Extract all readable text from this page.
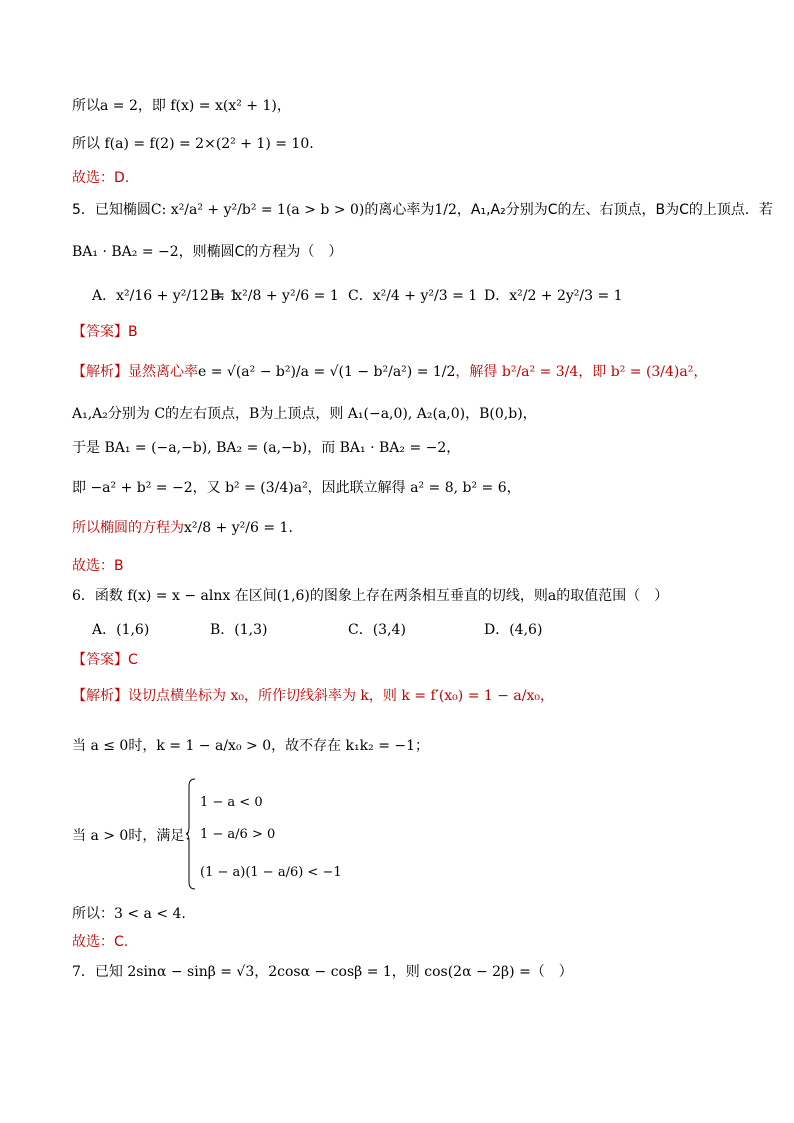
所以a = 2，即 f(x) = x(x² + 1)，
所以 f(a) = f(2) = 2×(2² + 1) = 10.
故选：D.
5．已知椭圆C: x²/a² + y²/b² = 1(a > b > 0)的离心率为1/2，A₁,A₂分别为C的左、右顶点，B为C的上顶点．若
BA₁ · BA₂ = −2，则椭圆C的方程为（　）
A．x²/16 + y²/12 = 1
B．x²/8 + y²/6 = 1 C．x²/4 + y²/3 = 1 D．x²/2 + 2y²/3 = 1
【答案】B
【解析】显然离心率e = √(a² − b²)/a = √(1 − b²/a²) = 1/2，解得 b²/a² = 3/4，即 b² = (3/4)a²，
A₁,A₂分别为 C的左右顶点，B为上顶点，则 A₁(−a,0), A₂(a,0)，B(0,b)，
于是 BA₁ = (−a,−b), BA₂ = (a,−b)，而 BA₁ · BA₂ = −2，
即 −a² + b² = −2，又 b² = (3/4)a²，因此联立解得 a² = 8, b² = 6，
所以椭圆的方程为x²/8 + y²/6 = 1.
故选：B
6．函数 f(x) = x − alnx 在区间(1,6)的图象上存在两条相互垂直的切线，则a的取值范围（　）
A．(1,6)	B．(1,3)	C．(3,4)	D．(4,6)
【答案】C
【解析】设切点横坐标为 x₀，所作切线斜率为 k，则 k = f′(x₀) = 1 − a/x₀，
当 a ≤ 0时，k = 1 − a/x₀ > 0，故不存在 k₁k₂ = −1；
当 a > 0时，满足：
1 − a < 0
1 − a/6 > 0
(1 − a)(1 − a/6) < −1
所以：3 < a < 4.
故选：C.
7．已知 2sinα − sinβ = √3，2cosα − cosβ = 1，则 cos(2α − 2β) =（　）
